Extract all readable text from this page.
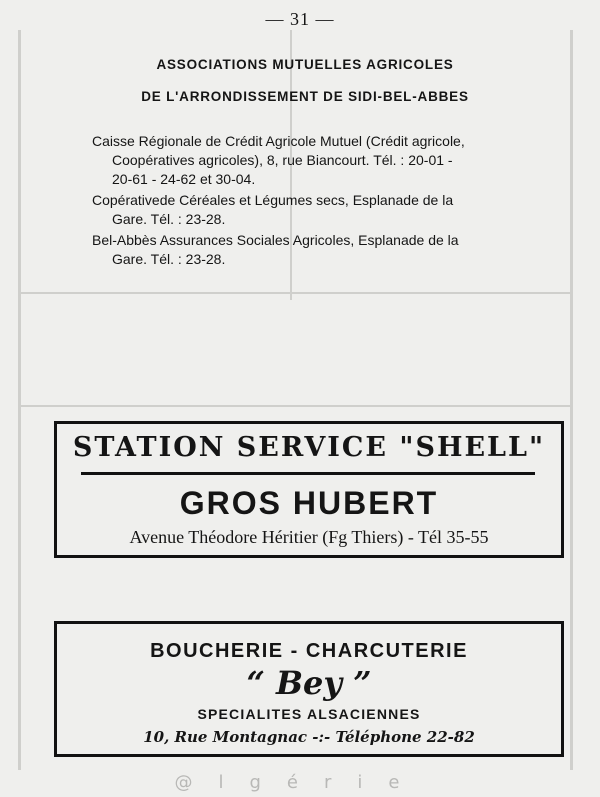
— 31 —
ASSOCIATIONS MUTUELLES AGRICOLES
DE L'ARRONDISSEMENT DE SIDI-BEL-ABBES
Caisse Régionale de Crédit Agricole Mutuel (Crédit agricole,
Coopératives agricoles), 8, rue Biancourt. Tél. : 20-01 -
20-61 - 24-62 et 30-04.
Copérativede Céréales et Légumes secs, Esplanade de la
Gare. Tél. : 23-28.
Bel-Abbès Assurances Sociales Agricoles, Esplanade de la
Gare. Tél. : 23-28.
STATION SERVICE "SHELL"
GROS HUBERT
Avenue Théodore Héritier (Fg Thiers) - Tél 35-55
BOUCHERIE - CHARCUTERIE
“ Bey ”
SPECIALITES ALSACIENNES
10, Rue Montagnac -:- Téléphone 22-82
@lgérie
